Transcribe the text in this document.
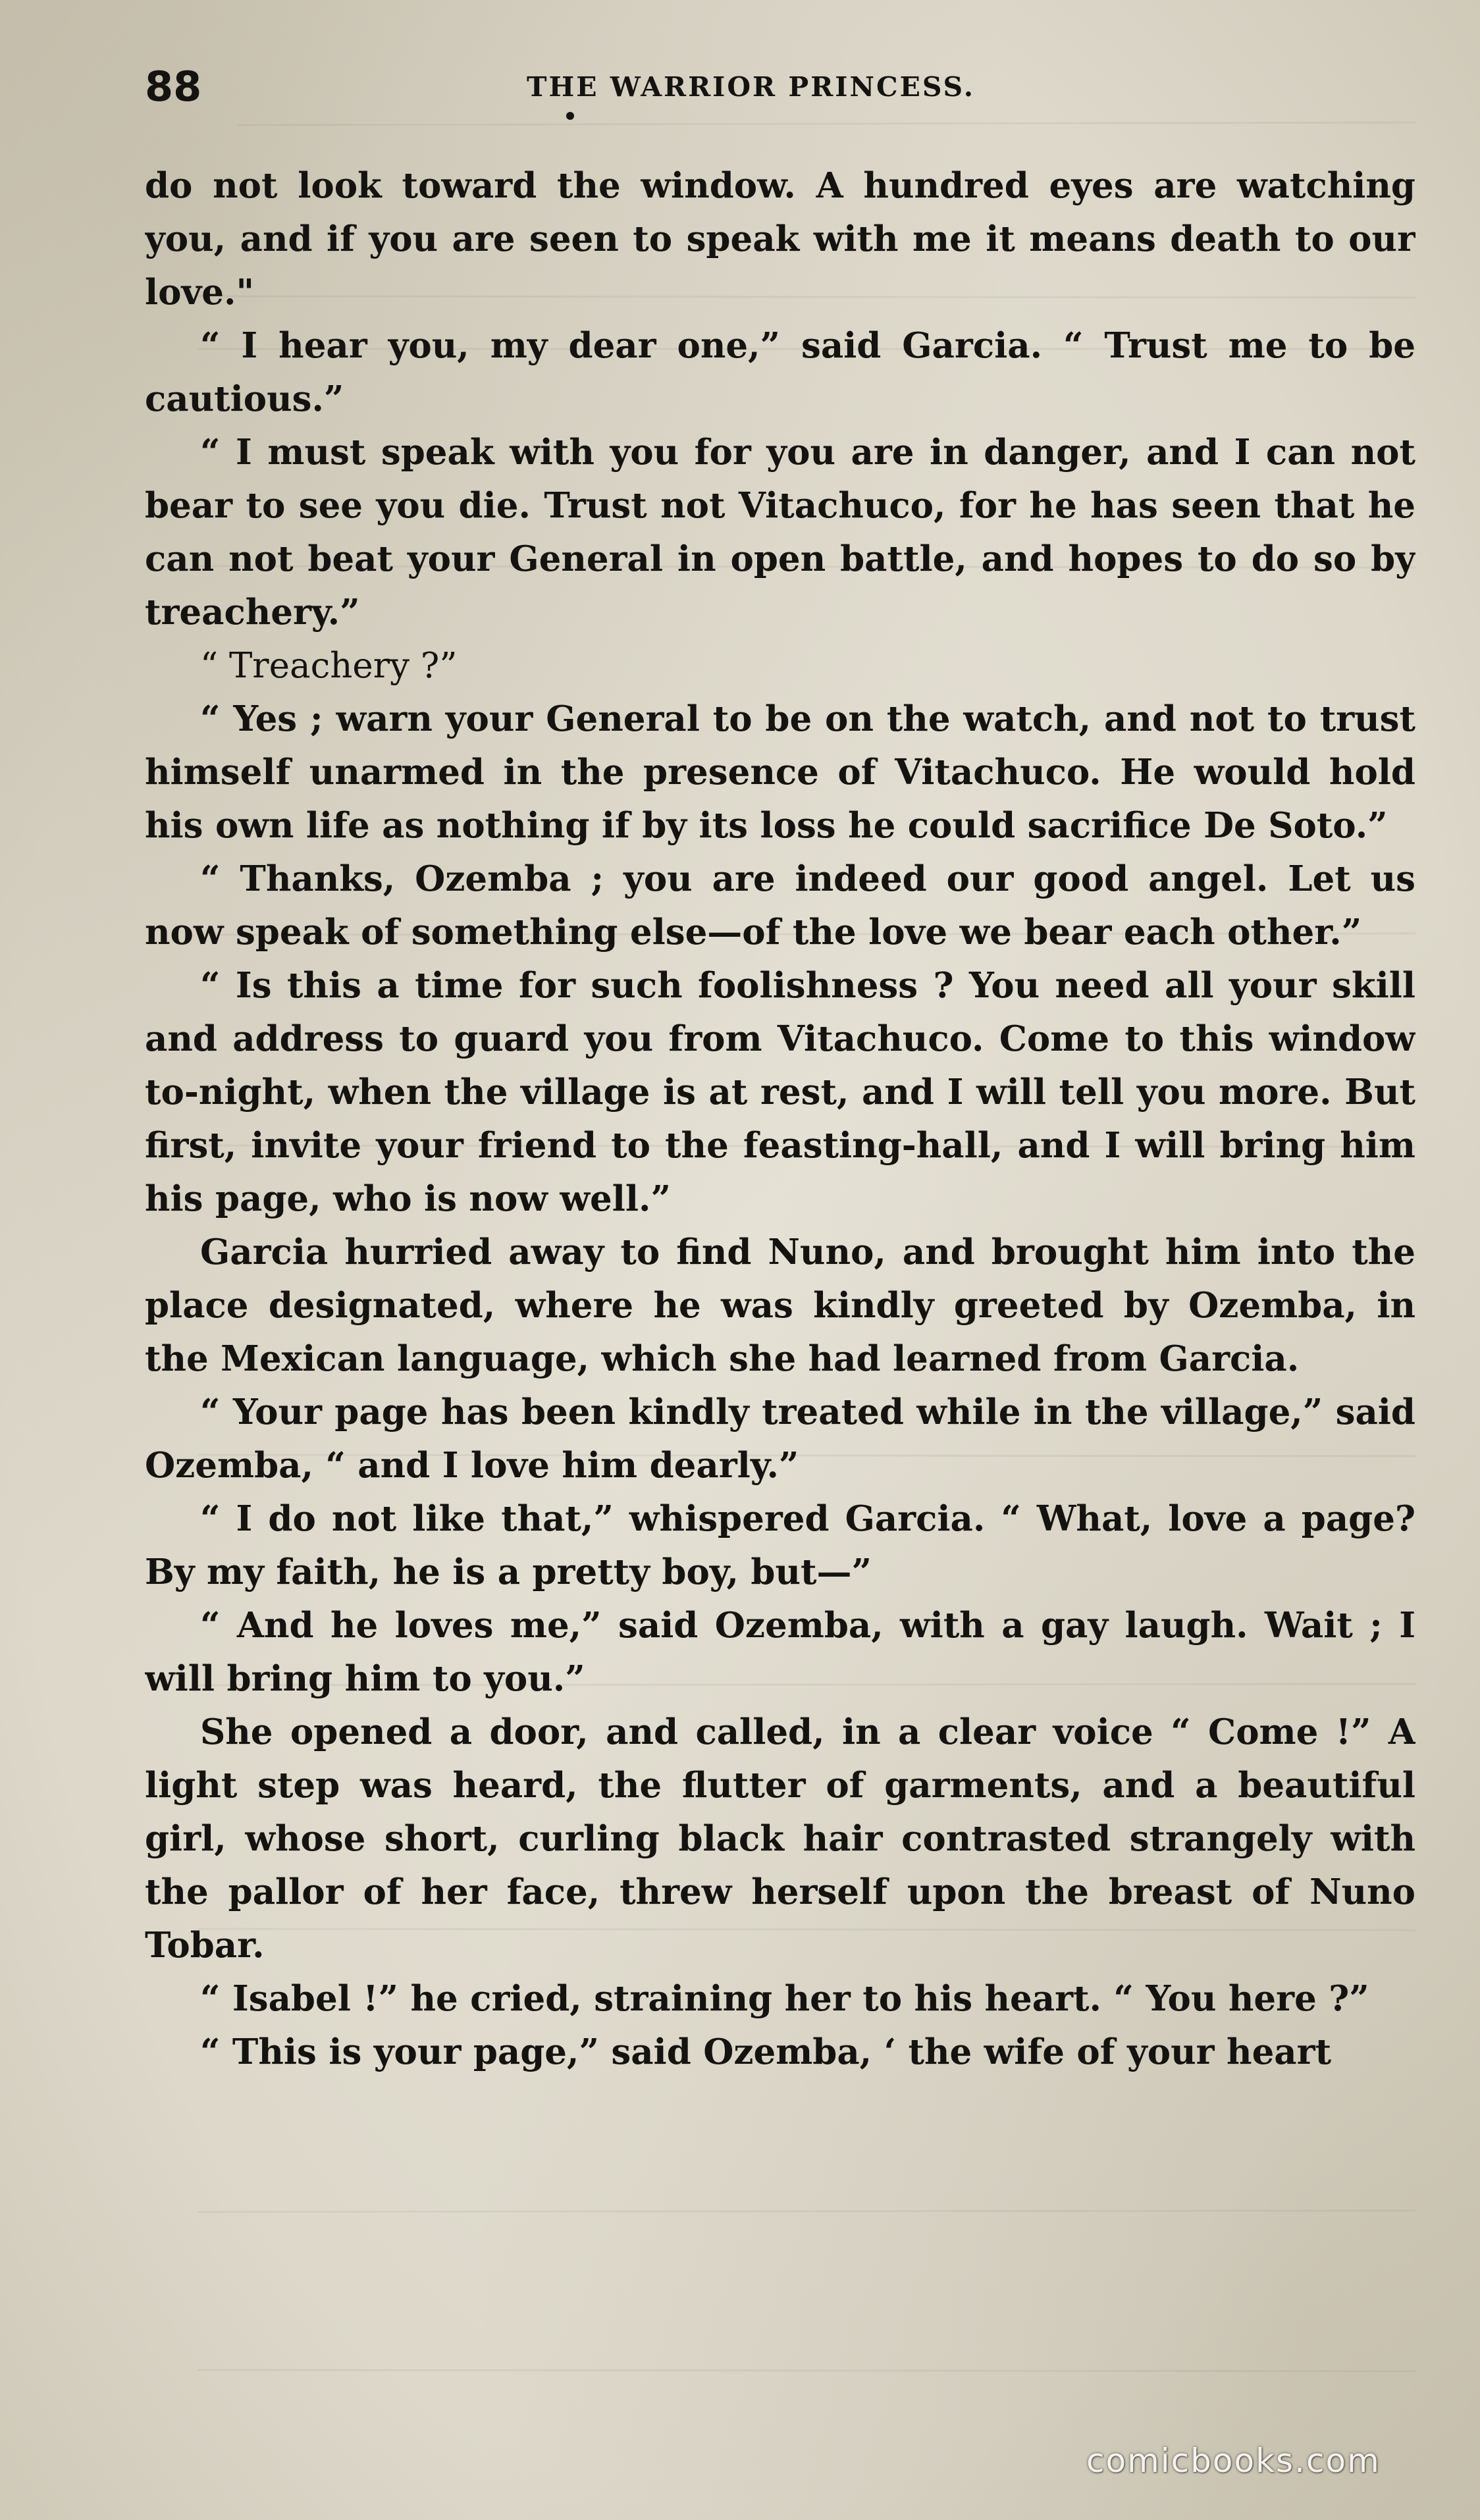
88	THE WARRIOR PRINCESS.

do not look toward the window. A hundred eyes are watching you, and if you are seen to speak with me it means death to our love."

“ I hear you, my dear one,” said Garcia. “ Trust me to be cautious.”

“ I must speak with you for you are in danger, and I can not bear to see you die. Trust not Vitachuco, for he has seen that he can not beat your General in open battle, and hopes to do so by treachery.”

“ Treachery ?”

“ Yes ; warn your General to be on the watch, and not to trust himself unarmed in the presence of Vitachuco. He would hold his own life as nothing if by its loss he could sacrifice De Soto.”

“ Thanks, Ozemba ; you are indeed our good angel. Let us now speak of something else—of the love we bear each other.”

“ Is this a time for such foolishness ? You need all your skill and address to guard you from Vitachuco. Come to this window to-night, when the village is at rest, and I will tell you more. But first, invite your friend to the feasting-hall, and I will bring him his page, who is now well.”

Garcia hurried away to find Nuno, and brought him into the place designated, where he was kindly greeted by Ozemba, in the Mexican language, which she had learned from Garcia.

“ Your page has been kindly treated while in the village,” said Ozemba, “ and I love him dearly.”

“ I do not like that,” whispered Garcia. “ What, love a page? By my faith, he is a pretty boy, but—”

“ And he loves me,” said Ozemba, with a gay laugh. Wait ; I will bring him to you.”

She opened a door, and called, in a clear voice “ Come !” A light step was heard, the flutter of garments, and a beautiful girl, whose short, curling black hair contrasted strangely with the pallor of her face, threw herself upon the breast of Nuno Tobar.

“ Isabel !” he cried, straining her to his heart. “ You here ?”

“ This is your page,” said Ozemba, ‘ the wife of your heart

comicbooks.com
